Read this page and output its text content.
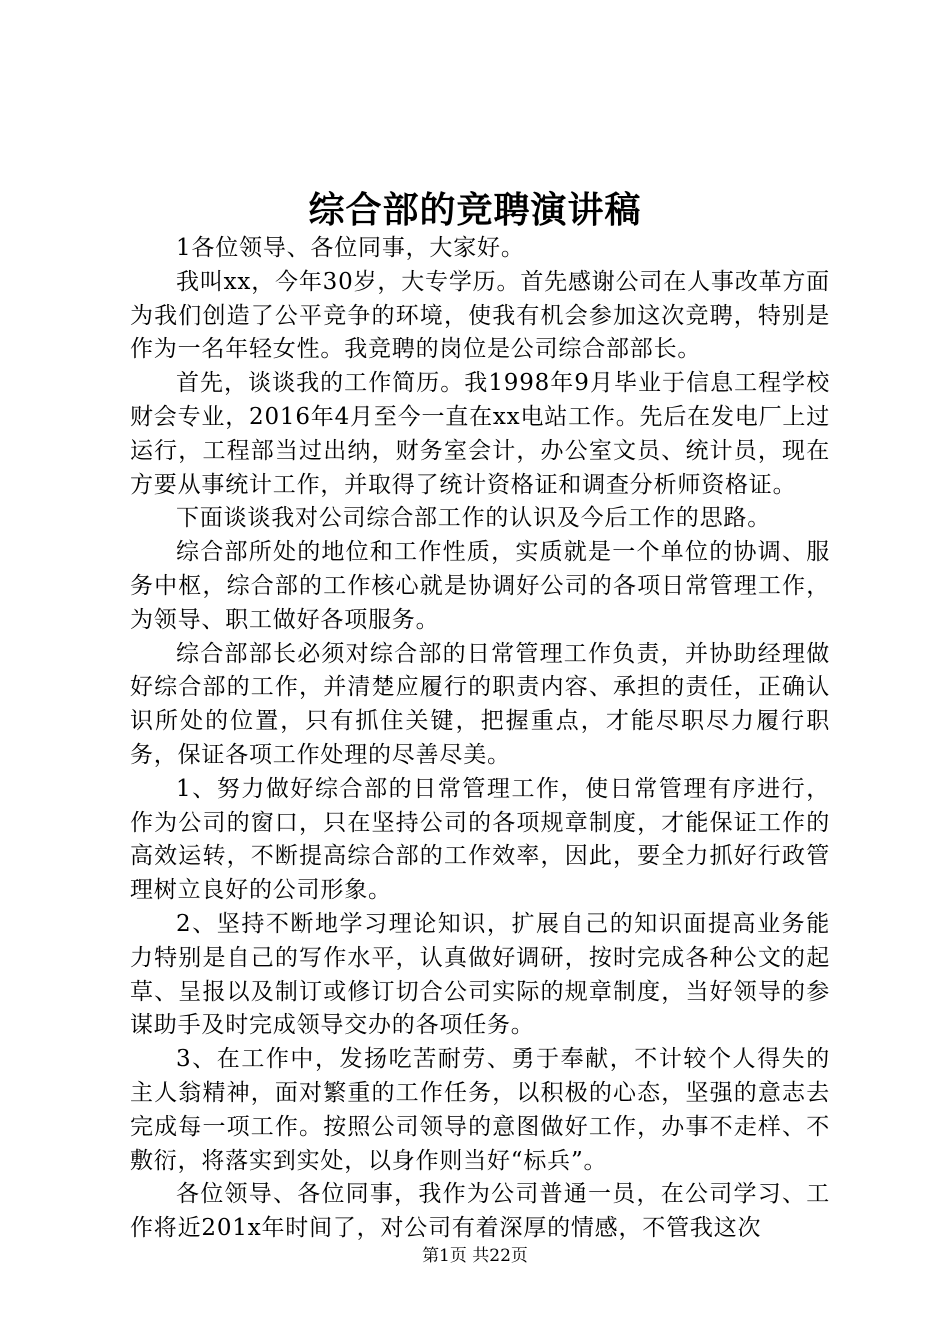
综合部的竞聘演讲稿

1各位领导、各位同事，大家好。

我叫xx，今年30岁，大专学历。首先感谢公司在人事改革方面为我们创造了公平竞争的环境，使我有机会参加这次竞聘，特别是作为一名年轻女性。我竞聘的岗位是公司综合部部长。

首先，谈谈我的工作简历。我1998年9月毕业于信息工程学校财会专业，2016年4月至今一直在xx电站工作。先后在发电厂上过运行，工程部当过出纳，财务室会计，办公室文员、统计员，现在方要从事统计工作，并取得了统计资格证和调查分析师资格证。

下面谈谈我对公司综合部工作的认识及今后工作的思路。

综合部所处的地位和工作性质，实质就是一个单位的协调、服务中枢，综合部的工作核心就是协调好公司的各项日常管理工作，为领导、职工做好各项服务。

综合部部长必须对综合部的日常管理工作负责，并协助经理做好综合部的工作，并清楚应履行的职责内容、承担的责任，正确认识所处的位置，只有抓住关键，把握重点，才能尽职尽力履行职务，保证各项工作处理的尽善尽美。

1、努力做好综合部的日常管理工作，使日常管理有序进行，作为公司的窗口，只在坚持公司的各项规章制度，才能保证工作的高效运转，不断提高综合部的工作效率，因此，要全力抓好行政管理树立良好的公司形象。

2、坚持不断地学习理论知识，扩展自己的知识面提高业务能力特别是自己的写作水平，认真做好调研，按时完成各种公文的起草、呈报以及制订或修订切合公司实际的规章制度，当好领导的参谋助手及时完成领导交办的各项任务。

3、在工作中，发扬吃苦耐劳、勇于奉献，不计较个人得失的主人翁精神，面对繁重的工作任务，以积极的心态，坚强的意志去完成每一项工作。按照公司领导的意图做好工作，办事不走样、不敷衍，将落实到实处，以身作则当好“标兵”。

各位领导、各位同事，我作为公司普通一员，在公司学习、工作将近201x年时间了，对公司有着深厚的情感，不管我这次

第1页 共22页
